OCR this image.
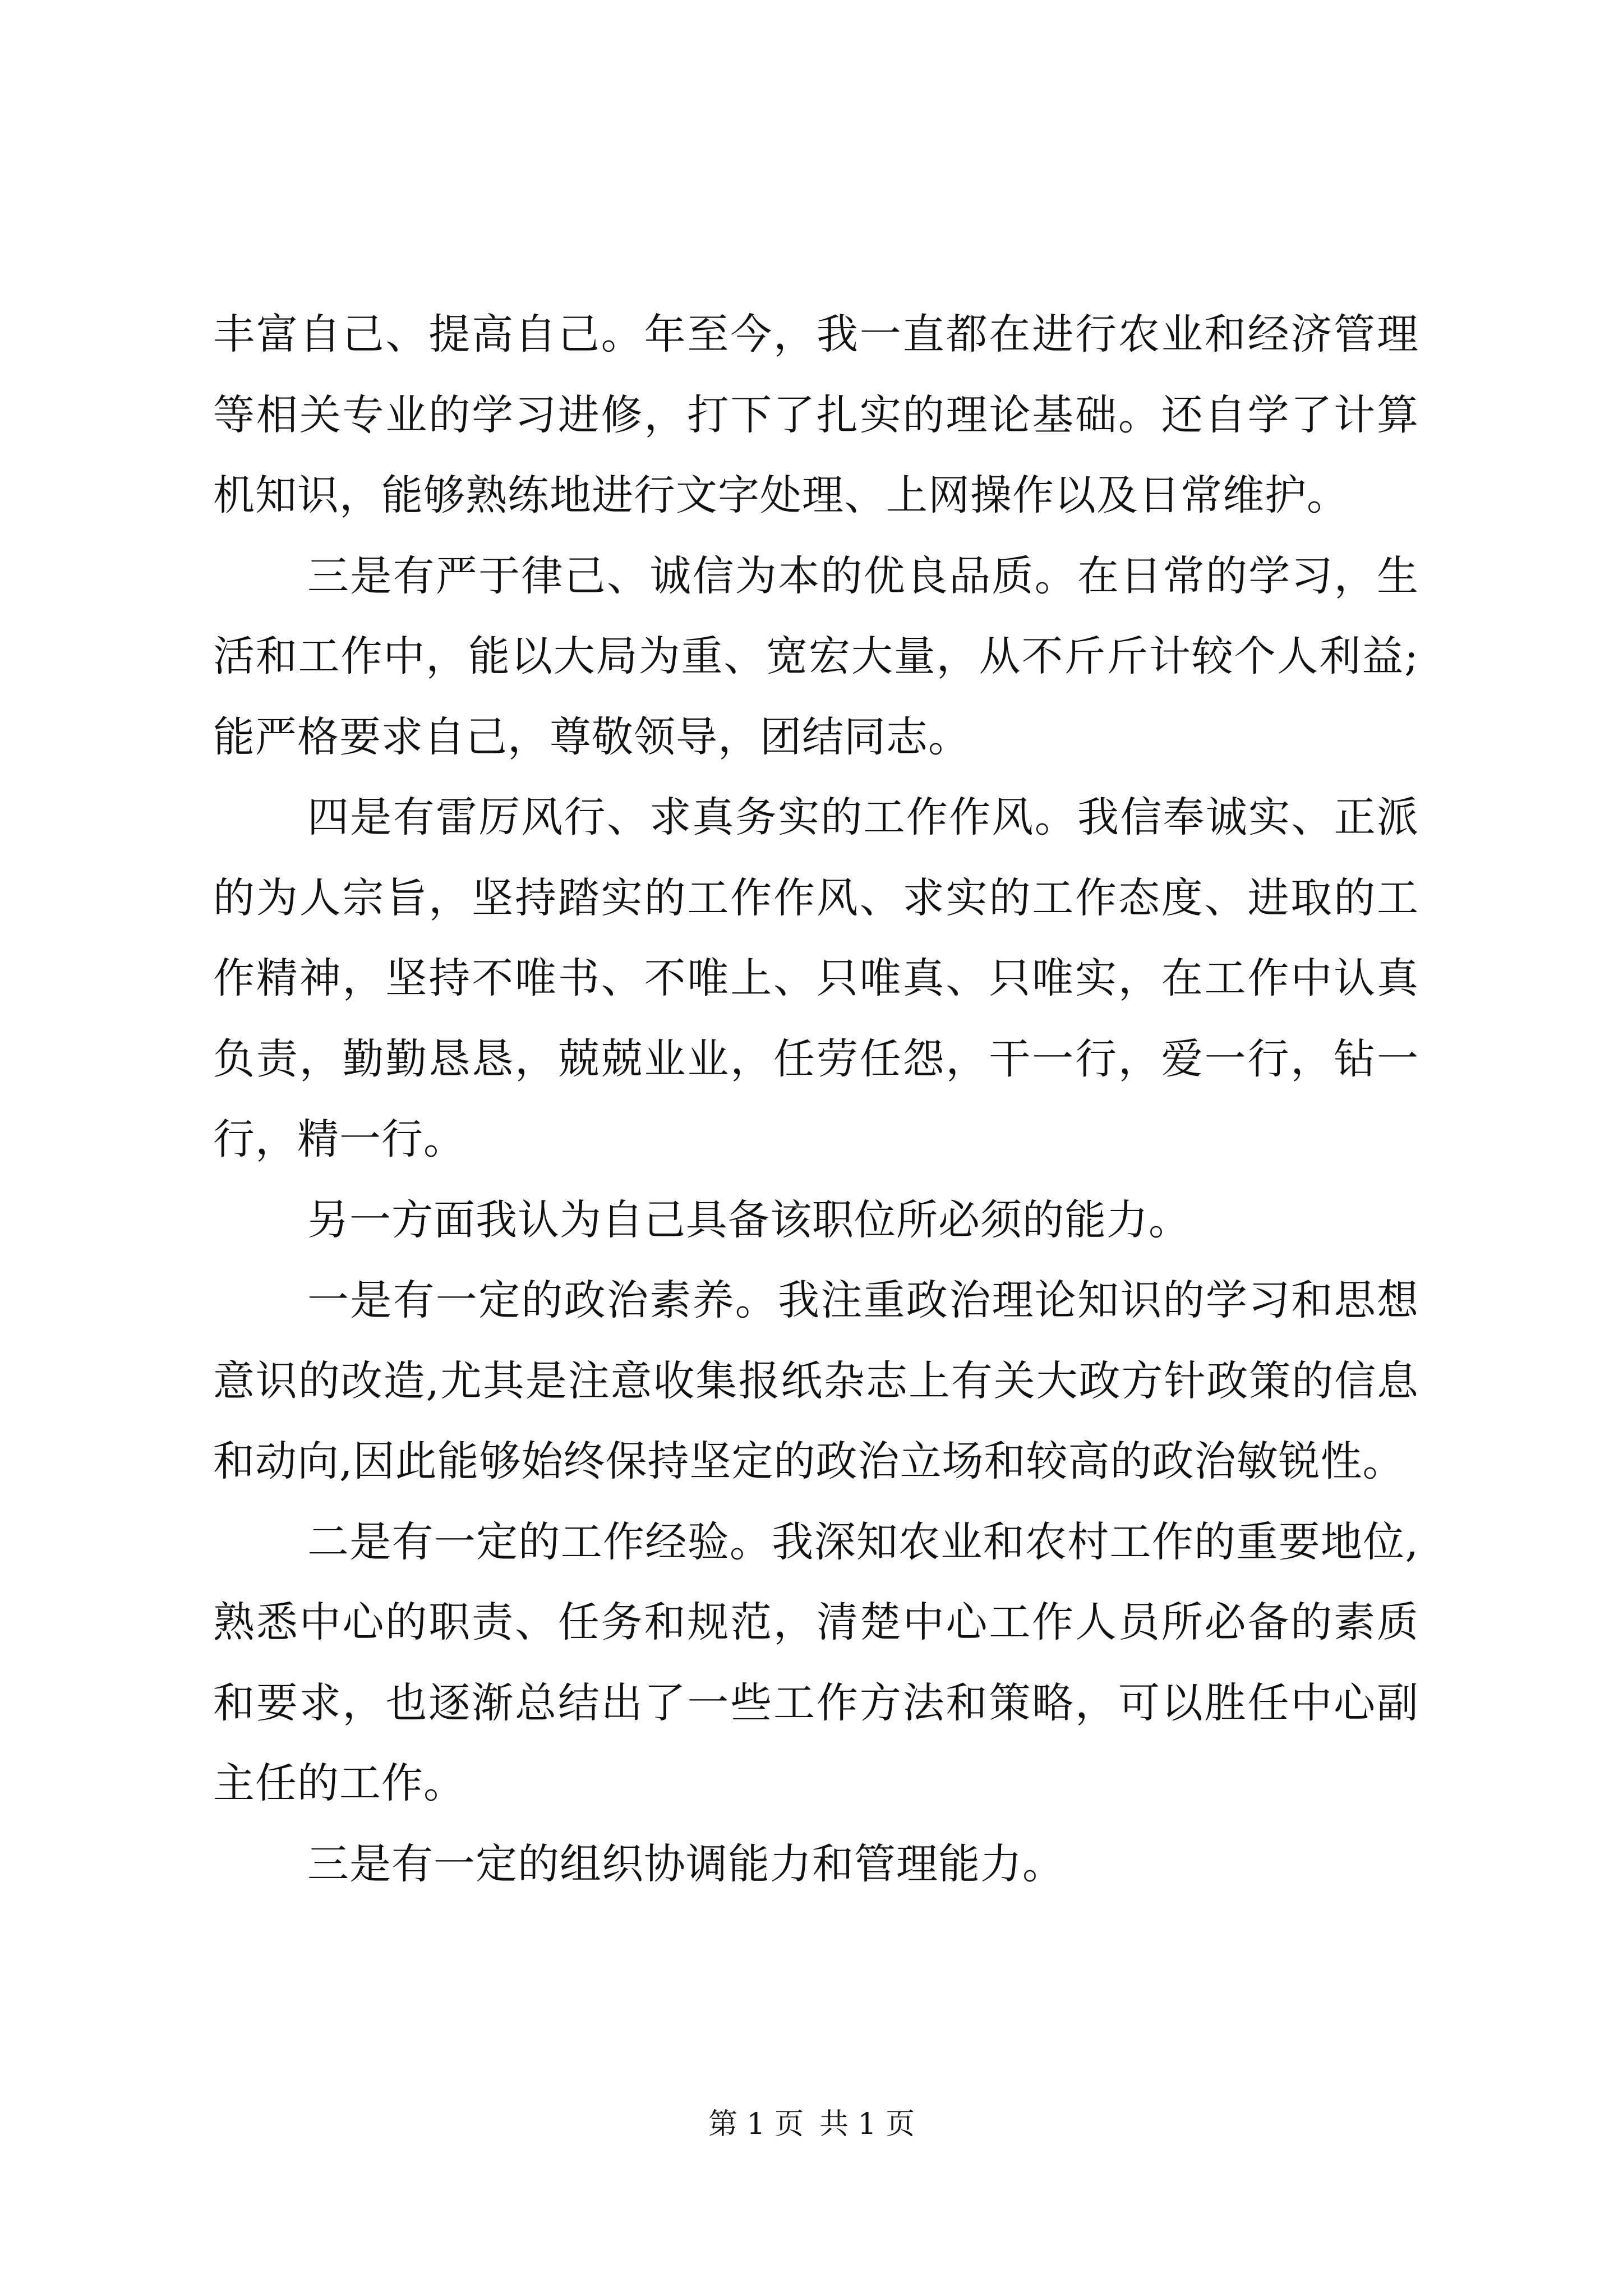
丰富自己、提高自己。年至今，我一直都在进行农业和经济管理等相关专业的学习进修，打下了扎实的理论基础。还自学了计算机知识，能够熟练地进行文字处理、上网操作以及日常维护。

三是有严于律己、诚信为本的优良品质。在日常的学习，生活和工作中，能以大局为重、宽宏大量，从不斤斤计较个人利益;能严格要求自己，尊敬领导，团结同志。

四是有雷厉风行、求真务实的工作作风。我信奉诚实、正派的为人宗旨，坚持踏实的工作作风、求实的工作态度、进取的工作精神，坚持不唯书、不唯上、只唯真、只唯实，在工作中认真负责，勤勤恳恳，兢兢业业，任劳任怨，干一行，爱一行，钻一行，精一行。

另一方面我认为自己具备该职位所必须的能力。

一是有一定的政治素养。我注重政治理论知识的学习和思想意识的改造,尤其是注意收集报纸杂志上有关大政方针政策的信息和动向,因此能够始终保持坚定的政治立场和较高的政治敏锐性。

二是有一定的工作经验。我深知农业和农村工作的重要地位,熟悉中心的职责、任务和规范，清楚中心工作人员所必备的素质和要求，也逐渐总结出了一些工作方法和策略，可以胜任中心副主任的工作。

三是有一定的组织协调能力和管理能力。

第 1 页 共 1 页
